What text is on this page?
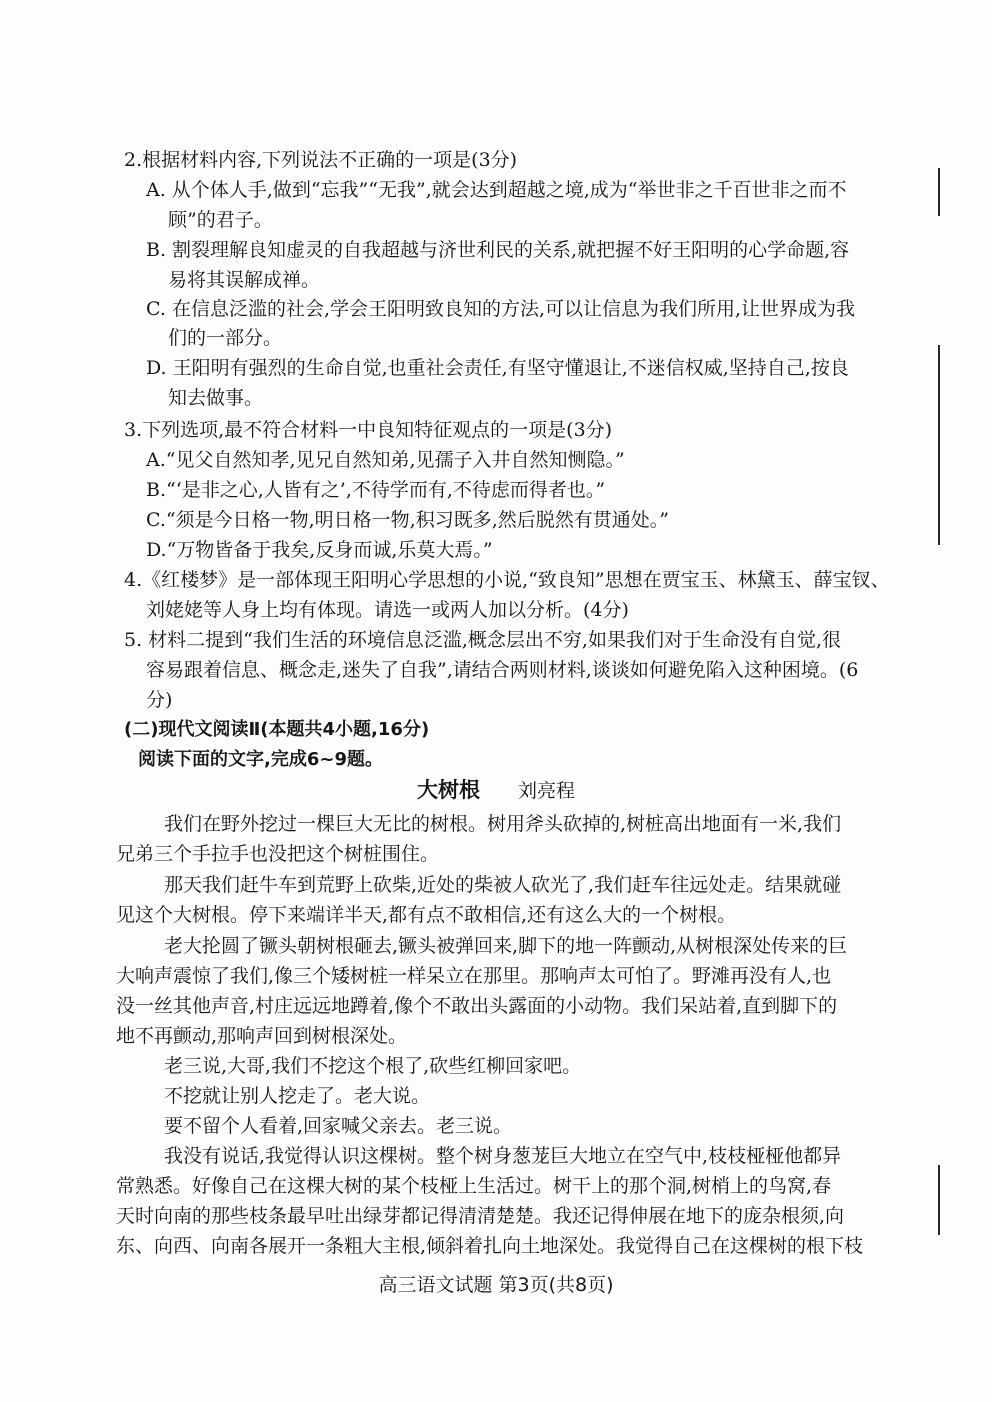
2.根据材料内容,下列说法不正确的一项是(3分)
A. 从个体人手,做到“忘我”“无我”,就会达到超越之境,成为“举世非之千百世非之而不
顾”的君子。
B. 割裂理解良知虚灵的自我超越与济世利民的关系,就把握不好王阳明的心学命题,容
易将其误解成禅。
C. 在信息泛滥的社会,学会王阳明致良知的方法,可以让信息为我们所用,让世界成为我
们的一部分。
D. 王阳明有强烈的生命自觉,也重社会责任,有坚守懂退让,不迷信权威,坚持自己,按良
知去做事。
3.下列选项,最不符合材料一中良知特征观点的一项是(3分)
A.“见父自然知孝,见兄自然知弟,见孺子入井自然知恻隐。”
B.“‘是非之心,人皆有之’,不待学而有,不待虑而得者也。”
C.“须是今日格一物,明日格一物,积习既多,然后脱然有贯通处。”
D.“万物皆备于我矣,反身而诚,乐莫大焉。”
4.《红楼梦》是一部体现王阳明心学思想的小说,“致良知”思想在贾宝玉、林黛玉、薛宝钗、
刘姥姥等人身上均有体现。请选一或两人加以分析。(4分)
5. 材料二提到“我们生活的环境信息泛滥,概念层出不穷,如果我们对于生命没有自觉,很
容易跟着信息、概念走,迷失了自我”,请结合两则材料,谈谈如何避免陷入这种困境。(6
分)
(二)现代文阅读Ⅱ(本题共4小题,16分)
阅读下面的文字,完成6~9题。
大树根 刘亮程
我们在野外挖过一棵巨大无比的树根。树用斧头砍掉的,树桩高出地面有一米,我们
兄弟三个手拉手也没把这个树桩围住。
那天我们赶牛车到荒野上砍柴,近处的柴被人砍光了,我们赶车往远处走。结果就碰
见这个大树根。停下来端详半天,都有点不敢相信,还有这么大的一个树根。
老大抡圆了镢头朝树根砸去,镢头被弹回来,脚下的地一阵颤动,从树根深处传来的巨
大响声震惊了我们,像三个矮树桩一样呆立在那里。那响声太可怕了。野滩再没有人,也
没一丝其他声音,村庄远远地蹲着,像个不敢出头露面的小动物。我们呆站着,直到脚下的
地不再颤动,那响声回到树根深处。
老三说,大哥,我们不挖这个根了,砍些红柳回家吧。
不挖就让别人挖走了。老大说。
要不留个人看着,回家喊父亲去。老三说。
我没有说话,我觉得认识这棵树。整个树身葱茏巨大地立在空气中,枝枝桠桠他都异
常熟悉。好像自己在这棵大树的某个枝桠上生活过。树干上的那个洞,树梢上的鸟窝,春
天时向南的那些枝条最早吐出绿芽都记得清清楚楚。我还记得伸展在地下的庞杂根须,向
东、向西、向南各展开一条粗大主根,倾斜着扎向土地深处。我觉得自己在这棵树的根下枝
高三语文试题 第3页(共8页)
